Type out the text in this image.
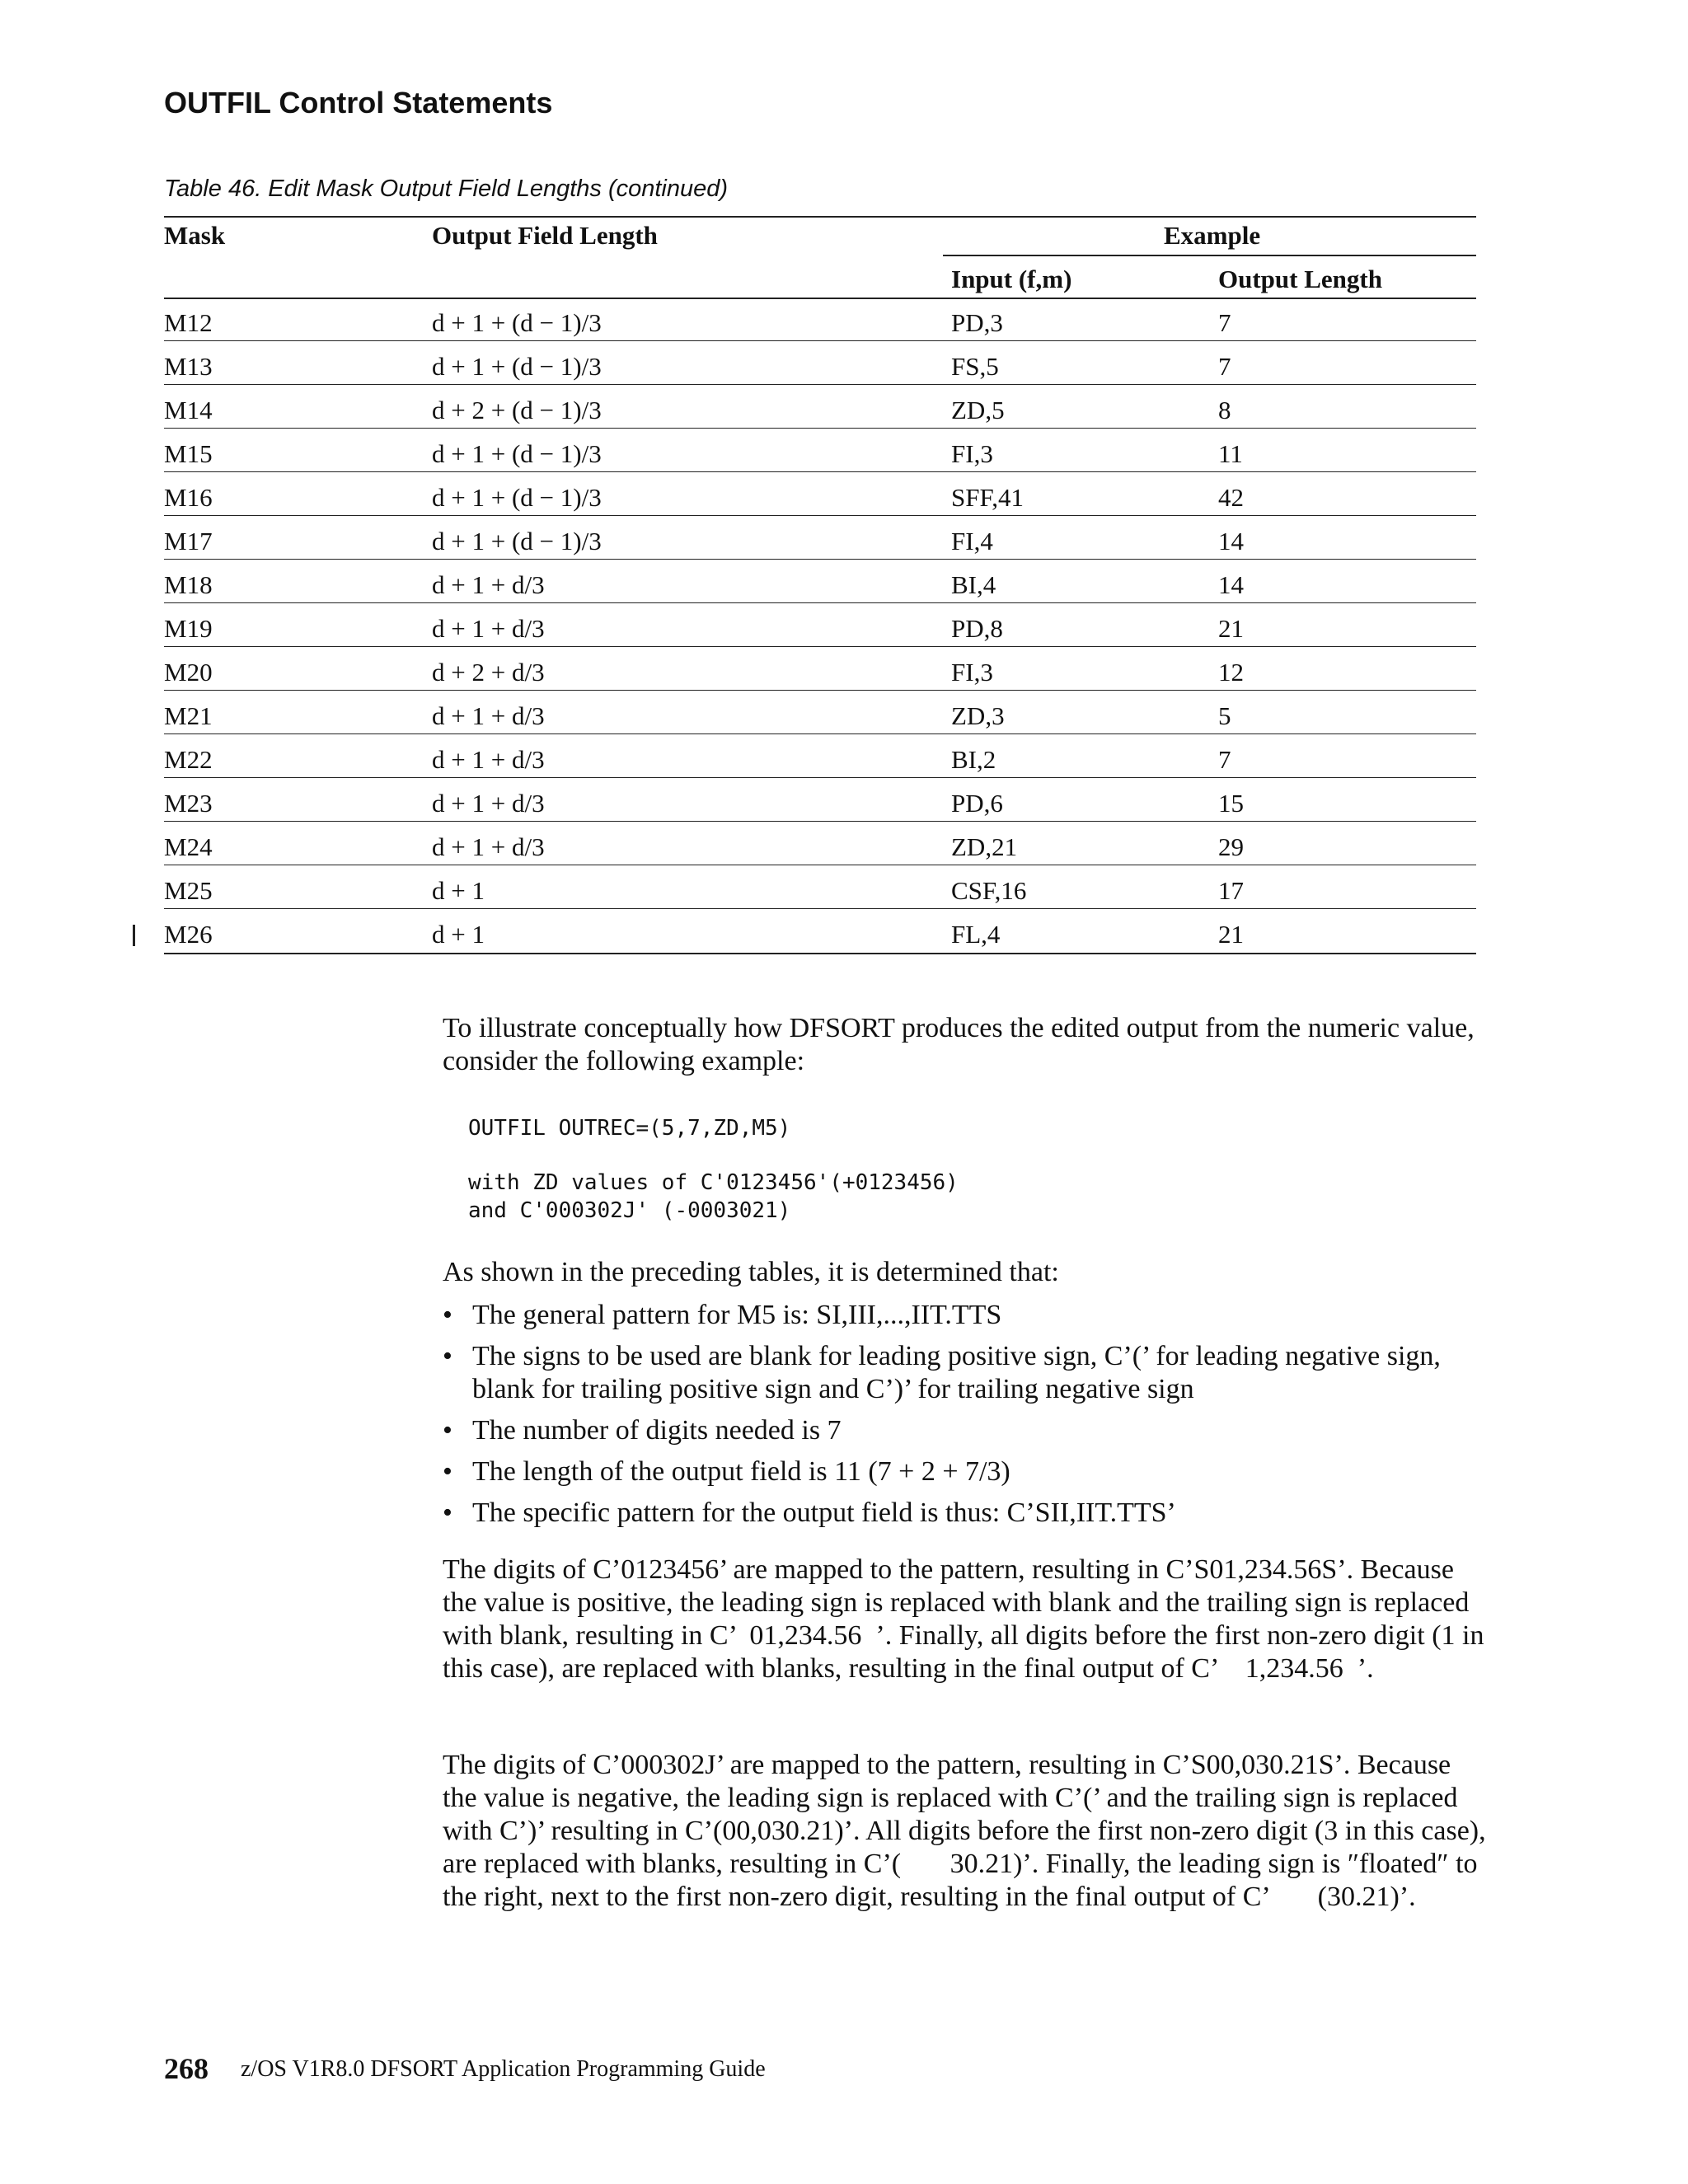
OUTFIL Control Statements
Table 46. Edit Mask Output Field Lengths (continued)
Mask	Output Field Length	Example
Input (f,m)	Output Length
M12	d + 1 + (d − 1)/3	PD,3	7
M13	d + 1 + (d − 1)/3	FS,5	7
M14	d + 2 + (d − 1)/3	ZD,5	8
M15	d + 1 + (d − 1)/3	FI,3	11
M16	d + 1 + (d − 1)/3	SFF,41	42
M17	d + 1 + (d − 1)/3	FI,4	14
M18	d + 1 + d/3	BI,4	14
M19	d + 1 + d/3	PD,8	21
M20	d + 2 + d/3	FI,3	12
M21	d + 1 + d/3	ZD,3	5
M22	d + 1 + d/3	BI,2	7
M23	d + 1 + d/3	PD,6	15
M24	d + 1 + d/3	ZD,21	29
M25	d + 1	CSF,16	17
M26	d + 1	FL,4	21

To illustrate conceptually how DFSORT produces the edited output from the numeric value, consider the following example:

OUTFIL OUTREC=(5,7,ZD,M5)
with ZD values of C'0123456'(+0123456)
and C'000302J' (-0003021)

As shown in the preceding tables, it is determined that:

• The general pattern for M5 is: SI,III,...,IIT.TTS
• The signs to be used are blank for leading positive sign, C’(’ for leading negative sign, blank for trailing positive sign and C’)’ for trailing negative sign
• The number of digits needed is 7
• The length of the output field is 11 (7 + 2 + 7/3)
• The specific pattern for the output field is thus: C’SII,IIT.TTS’

The digits of C’0123456’ are mapped to the pattern, resulting in C’S01,234.56S’. Because the value is positive, the leading sign is replaced with blank and the trailing sign is replaced with blank, resulting in C’  01,234.56  ’. Finally, all digits before the first non-zero digit (1 in this case), are replaced with blanks, resulting in the final output of C’    1,234.56  ’.

The digits of C’000302J’ are mapped to the pattern, resulting in C’S00,030.21S’. Because the value is negative, the leading sign is replaced with C’(’ and the trailing sign is replaced with C’)’ resulting in C’(00,030.21)’. All digits before the first non-zero digit (3 in this case), are replaced with blanks, resulting in C’(       30.21)’. Finally, the leading sign is ″floated″ to the right, next to the first non-zero digit, resulting in the final output of C’       (30.21)’.

268 z/OS V1R8.0 DFSORT Application Programming Guide
